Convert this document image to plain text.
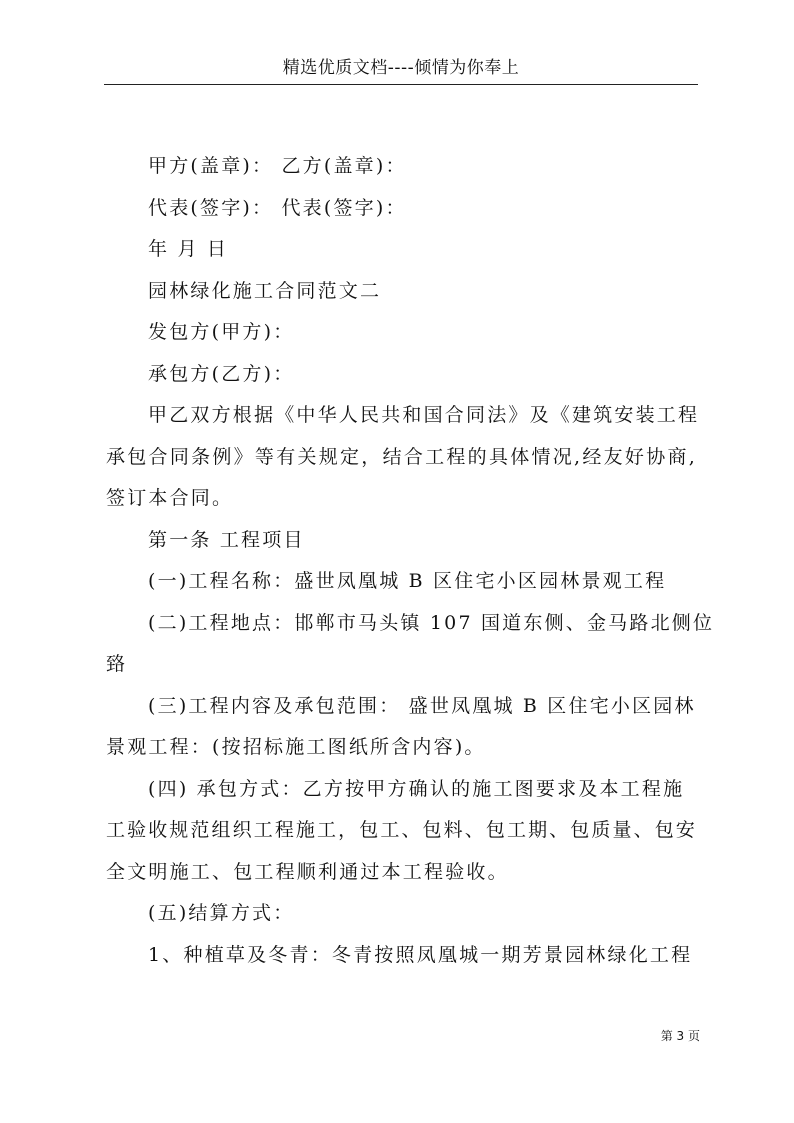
精选优质文档----倾情为你奉上
甲方(盖章)： 乙方(盖章)：
代表(签字)： 代表(签字)：
年 月 日
园林绿化施工合同范文二
发包方(甲方)：
承包方(乙方)：
甲乙双方根据《中华人民共和国合同法》及《建筑安装工程
承包合同条例》等有关规定，结合工程的具体情况,经友好协商,
签订本合同。
第一条 工程项目
(一)工程名称：盛世凤凰城 B 区住宅小区园林景观工程
(二)工程地点：邯郸市马头镇 107 国道东侧、金马路北侧位
臵
(三)工程内容及承包范围： 盛世凤凰城 B 区住宅小区园林
景观工程：(按招标施工图纸所含内容)。
(四) 承包方式：乙方按甲方确认的施工图要求及本工程施
工验收规范组织工程施工，包工、包料、包工期、包质量、包安
全文明施工、包工程顺利通过本工程验收。
(五)结算方式：
1、种植草及冬青：冬青按照凤凰城一期芳景园林绿化工程
第 3 页
